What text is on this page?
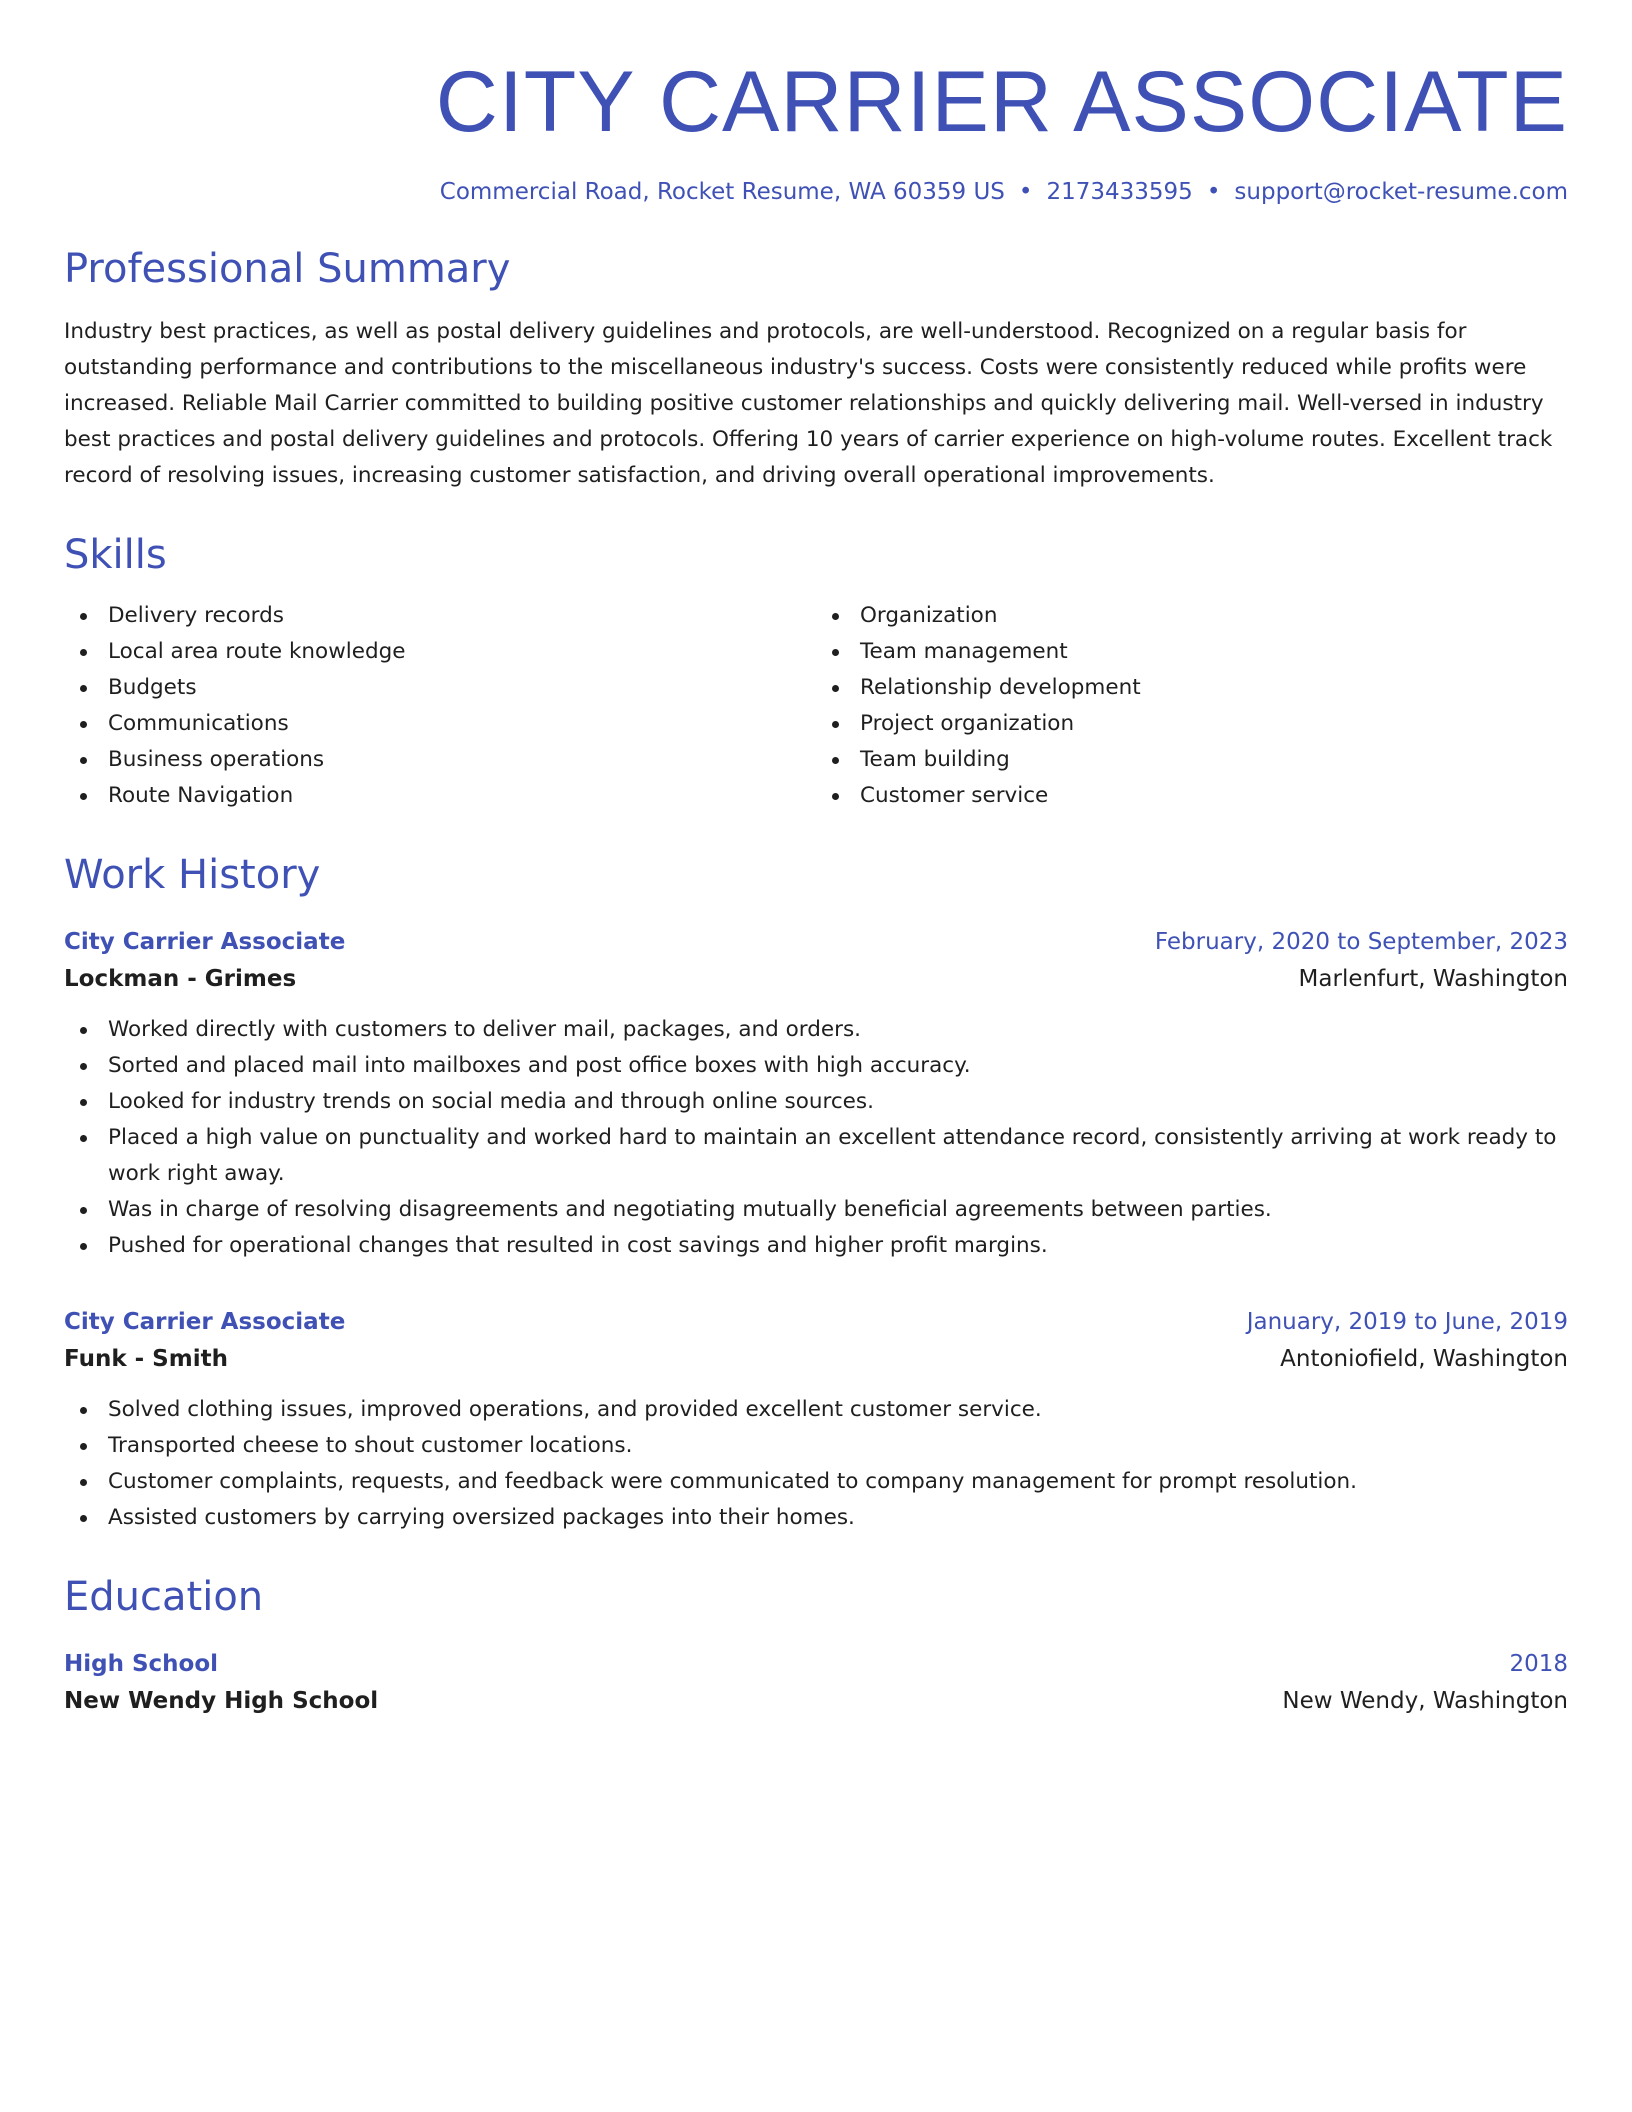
CITY CARRIER ASSOCIATE
Commercial Road, Rocket Resume, WA 60359 US • 2173433595 • support@rocket-resume.com
Professional Summary

Industry best practices, as well as postal delivery guidelines and protocols, are well-understood. Recognized on a regular basis for outstanding performance and contributions to the miscellaneous industry's success. Costs were consistently reduced while profits were increased. Reliable Mail Carrier committed to building positive customer relationships and quickly delivering mail. Well-versed in industry best practices and postal delivery guidelines and protocols. Offering 10 years of carrier experience on high-volume routes. Excellent track record of resolving issues, increasing customer satisfaction, and driving overall operational improvements.

Skills
Delivery records
Local area route knowledge
Budgets
Communications
Business operations
Route Navigation
Organization
Team management
Relationship development
Project organization
Team building
Customer service
Work History
City Carrier Associate	February, 2020 to September, 2023
Lockman - Grimes	Marlenfurt, Washington
Worked directly with customers to deliver mail, packages, and orders.
Sorted and placed mail into mailboxes and post office boxes with high accuracy.
Looked for industry trends on social media and through online sources.
Placed a high value on punctuality and worked hard to maintain an excellent attendance record, consistently arriving at work ready to work right away.
Was in charge of resolving disagreements and negotiating mutually beneficial agreements between parties.
Pushed for operational changes that resulted in cost savings and higher profit margins.
City Carrier Associate	January, 2019 to June, 2019
Funk - Smith	Antoniofield, Washington
Solved clothing issues, improved operations, and provided excellent customer service.
Transported cheese to shout customer locations.
Customer complaints, requests, and feedback were communicated to company management for prompt resolution.
Assisted customers by carrying oversized packages into their homes.
Education
High School	2018
New Wendy High School	New Wendy, Washington
